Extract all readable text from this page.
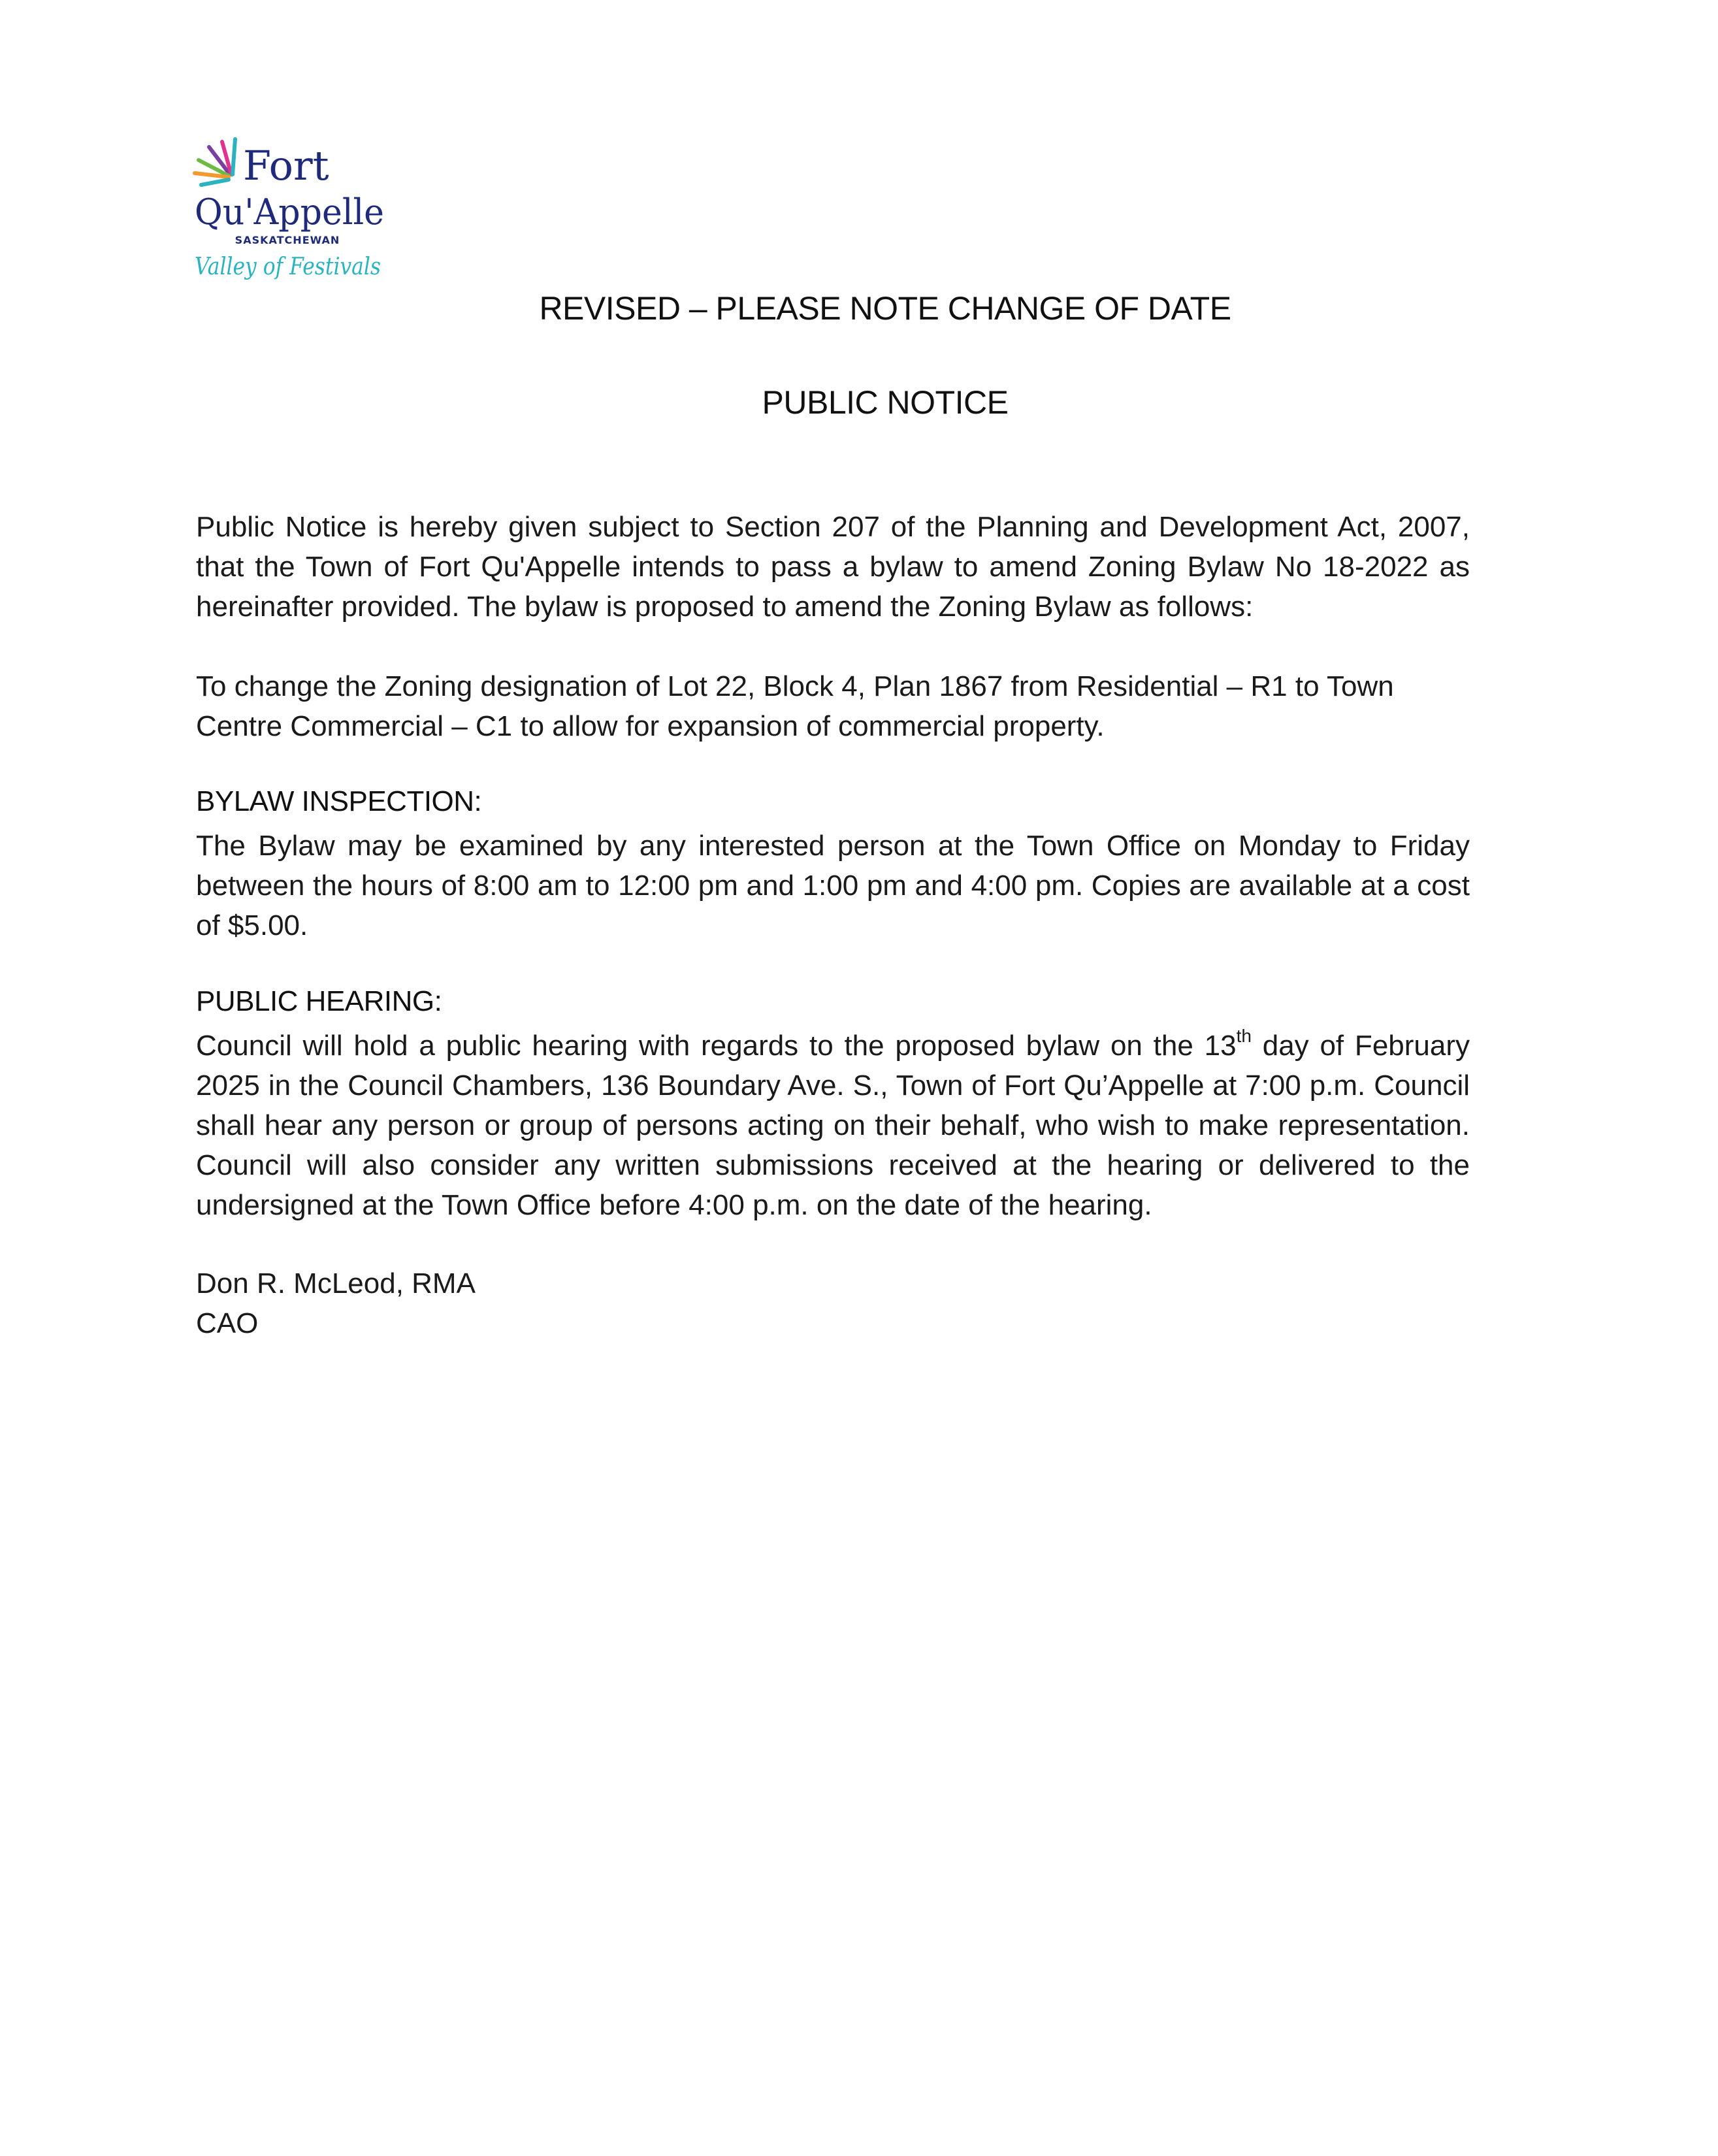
Fort
Qu'Appelle
SASKATCHEWAN
Valley of Festivals
REVISED – PLEASE NOTE CHANGE OF DATE
PUBLIC NOTICE
Public Notice is hereby given subject to Section 207 of the Planning and Development Act, 2007, that the Town of Fort Qu'Appelle intends to pass a bylaw to amend Zoning Bylaw No 18-2022 as hereinafter provided. The bylaw is proposed to amend the Zoning Bylaw as follows:
To change the Zoning designation of Lot 22, Block 4, Plan 1867 from Residential – R1 to Town Centre Commercial – C1 to allow for expansion of commercial property.
BYLAW INSPECTION:
The Bylaw may be examined by any interested person at the Town Office on Monday to Friday between the hours of 8:00 am to 12:00 pm and 1:00 pm and 4:00 pm. Copies are available at a cost of $5.00.
PUBLIC HEARING:
Council will hold a public hearing with regards to the proposed bylaw on the 13th day of February 2025 in the Council Chambers, 136 Boundary Ave. S., Town of Fort Qu’Appelle at 7:00 p.m. Council shall hear any person or group of persons acting on their behalf, who wish to make representation. Council will also consider any written submissions received at the hearing or delivered to the undersigned at the Town Office before 4:00 p.m. on the date of the hearing.
Don R. McLeod, RMA
CAO
